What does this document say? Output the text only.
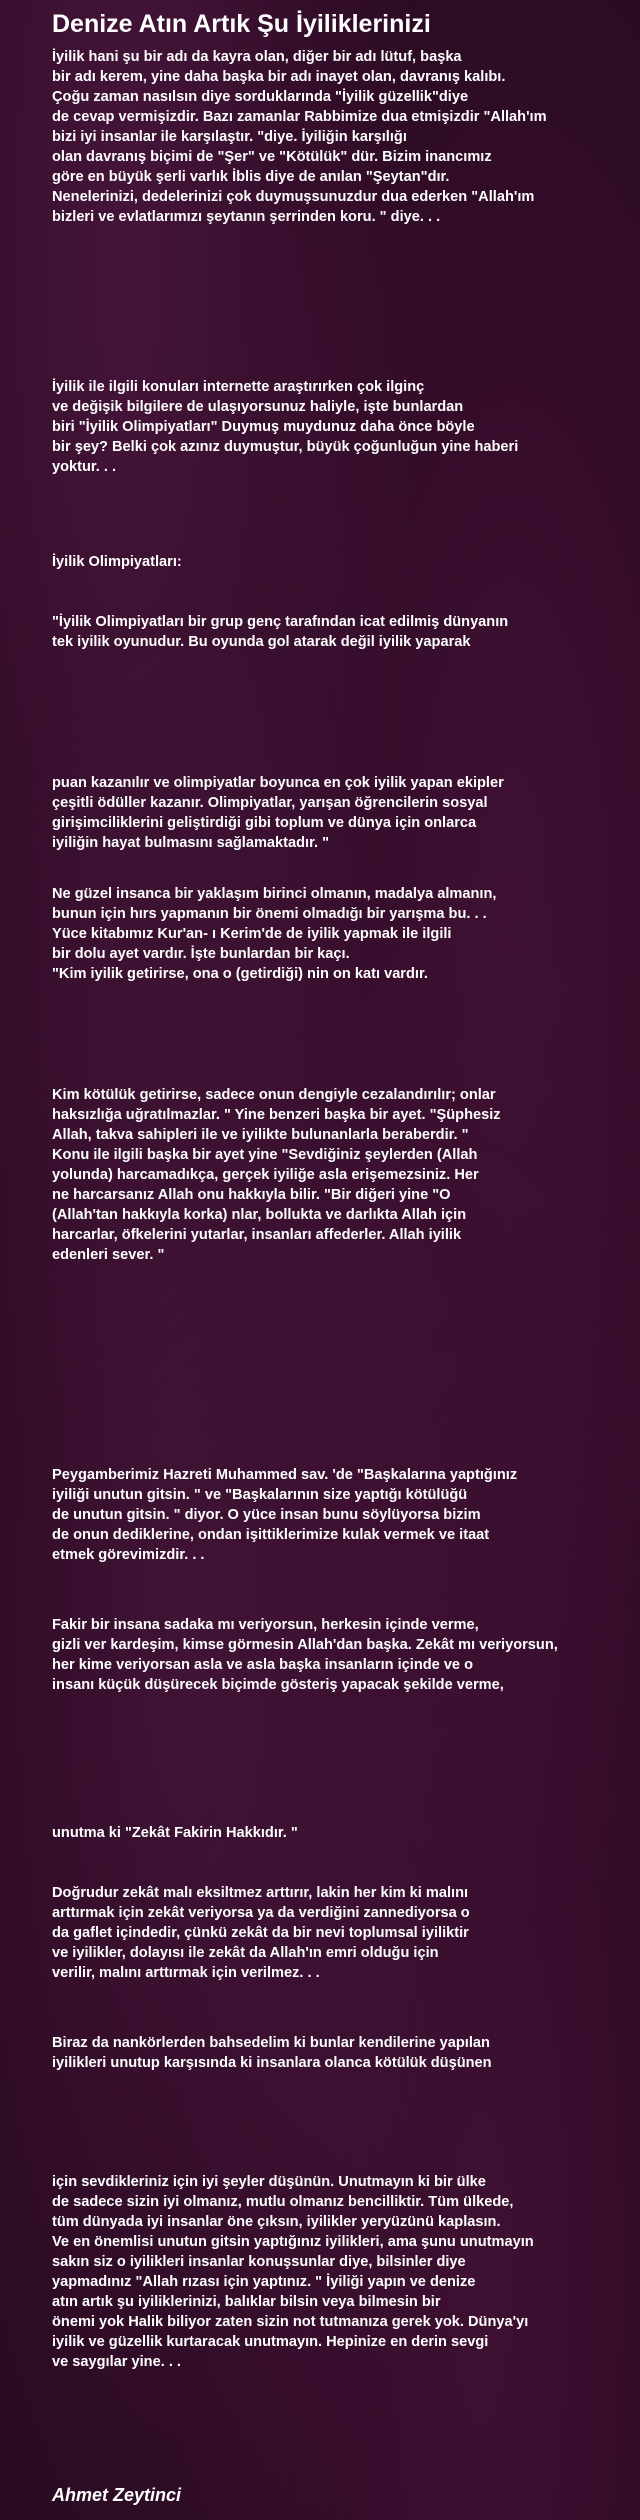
Denize Atın Artık Şu İyiliklerinizi
İyilik hani şu bir adı da kayra olan, diğer bir adı lütuf, başka
bir adı kerem, yine daha başka bir adı inayet olan, davranış kalıbı.
Çoğu zaman nasılsın diye sorduklarında "İyilik güzellik"diye
de cevap vermişizdir. Bazı zamanlar Rabbimize dua etmişizdir "Allah'ım
bizi iyi insanlar ile karşılaştır. "diye. İyiliğin karşılığı
olan davranış biçimi de "Şer" ve "Kötülük" dür. Bizim inancımız
göre en büyük şerli varlık İblis diye de anılan "Şeytan"dır.
Nenelerinizi, dedelerinizi çok duymuşsunuzdur dua ederken "Allah'ım
bizleri ve evlatlarımızı şeytanın şerrinden koru. " diye. . .
İyilik ile ilgili konuları internette araştırırken çok ilginç
ve değişik bilgilere de ulaşıyorsunuz haliyle, işte bunlardan
biri "İyilik Olimpiyatları" Duymuş muydunuz daha önce böyle
bir şey? Belki çok azınız duymuştur, büyük çoğunluğun yine haberi
yoktur. . .
İyilik Olimpiyatları:
"İyilik Olimpiyatları bir grup genç tarafından icat edilmiş dünyanın
tek iyilik oyunudur. Bu oyunda gol atarak değil iyilik yaparak
puan kazanılır ve olimpiyatlar boyunca en çok iyilik yapan ekipler
çeşitli ödüller kazanır. Olimpiyatlar, yarışan öğrencilerin sosyal
girişimciliklerini geliştirdiği gibi toplum ve dünya için onlarca
iyiliğin hayat bulmasını sağlamaktadır. "
Ne güzel insanca bir yaklaşım birinci olmanın, madalya almanın,
bunun için hırs yapmanın bir önemi olmadığı bir yarışma bu. . .
Yüce kitabımız Kur'an- ı Kerim'de de iyilik yapmak ile ilgili
bir dolu ayet vardır. İşte bunlardan bir kaçı.
"Kim iyilik getirirse, ona o (getirdiği) nin on katı vardır.
Kim kötülük getirirse, sadece onun dengiyle cezalandırılır; onlar
haksızlığa uğratılmazlar. " Yine benzeri başka bir ayet. "Şüphesiz
Allah, takva sahipleri ile ve iyilikte bulunanlarla beraberdir. "
Konu ile ilgili başka bir ayet yine "Sevdiğiniz şeylerden (Allah
yolunda) harcamadıkça, gerçek iyiliğe asla erişemezsiniz. Her
ne harcarsanız Allah onu hakkıyla bilir. "Bir diğeri yine "O
(Allah'tan hakkıyla korka) nlar, bollukta ve darlıkta Allah için
harcarlar, öfkelerini yutarlar, insanları affederler. Allah iyilik
edenleri sever. "
Peygamberimiz Hazreti Muhammed sav. 'de "Başkalarına yaptığınız
iyiliği unutun gitsin. " ve "Başkalarının size yaptığı kötülüğü
de unutun gitsin. " diyor. O yüce insan bunu söylüyorsa bizim
de onun dediklerine, ondan işittiklerimize kulak vermek ve itaat
etmek görevimizdir. . .
Fakir bir insana sadaka mı veriyorsun, herkesin içinde verme,
gizli ver kardeşim, kimse görmesin Allah'dan başka. Zekât mı veriyorsun,
her kime veriyorsan asla ve asla başka insanların içinde ve o
insanı küçük düşürecek biçimde gösteriş yapacak şekilde verme,
unutma ki "Zekât Fakirin Hakkıdır. "
Doğrudur zekât malı eksiltmez arttırır, lakin her kim ki malını
arttırmak için zekât veriyorsa ya da verdiğini zannediyorsa o
da gaflet içindedir, çünkü zekât da bir nevi toplumsal iyiliktir
ve iyilikler, dolayısı ile zekât da Allah'ın emri olduğu için
verilir, malını arttırmak için verilmez. . .
Biraz da nankörlerden bahsedelim ki bunlar kendilerine yapılan
iyilikleri unutup karşısında ki insanlara olanca kötülük düşünen
için sevdikleriniz için iyi şeyler düşünün. Unutmayın ki bir ülke
de sadece sizin iyi olmanız, mutlu olmanız bencilliktir. Tüm ülkede,
tüm dünyada iyi insanlar öne çıksın, iyilikler yeryüzünü kaplasın.
Ve en önemlisi unutun gitsin yaptığınız iyilikleri, ama şunu unutmayın
sakın siz o iyilikleri insanlar konuşsunlar diye, bilsinler diye
yapmadınız "Allah rızası için yaptınız. " İyiliği yapın ve denize
atın artık şu iyiliklerinizi, balıklar bilsin veya bilmesin bir
önemi yok Halik biliyor zaten sizin not tutmanıza gerek yok. Dünya'yı
iyilik ve güzellik kurtaracak unutmayın. Hepinize en derin sevgi
ve saygılar yine. . .
Ahmet Zeytinci
